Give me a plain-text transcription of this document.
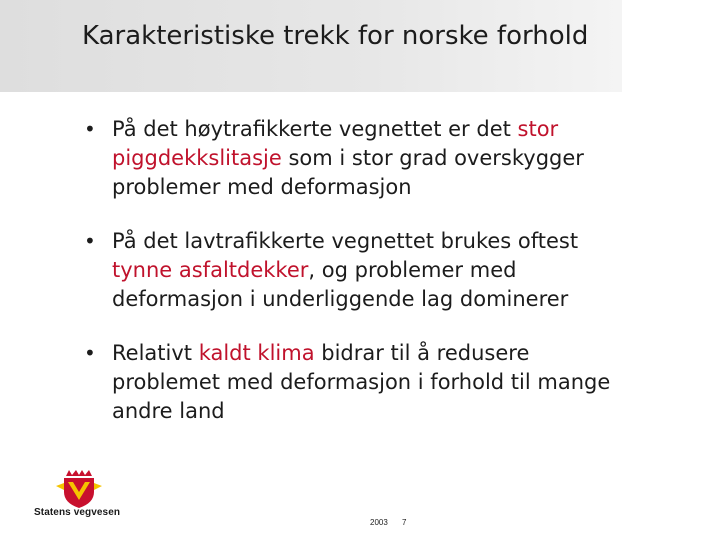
Karakteristiske trekk for norske forhold
• På det høytrafikkerte vegnettet er det stor piggdekkslitasje som i stor grad overskygger problemer med deformasjon
• På det lavtrafikkerte vegnettet brukes oftest tynne asfaltdekker, og problemer med deformasjon i underliggende lag dominerer
• Relativt kaldt klima bidrar til å redusere problemet med deformasjon i forhold til mange andre land
Statens vegvesen
2003 7
